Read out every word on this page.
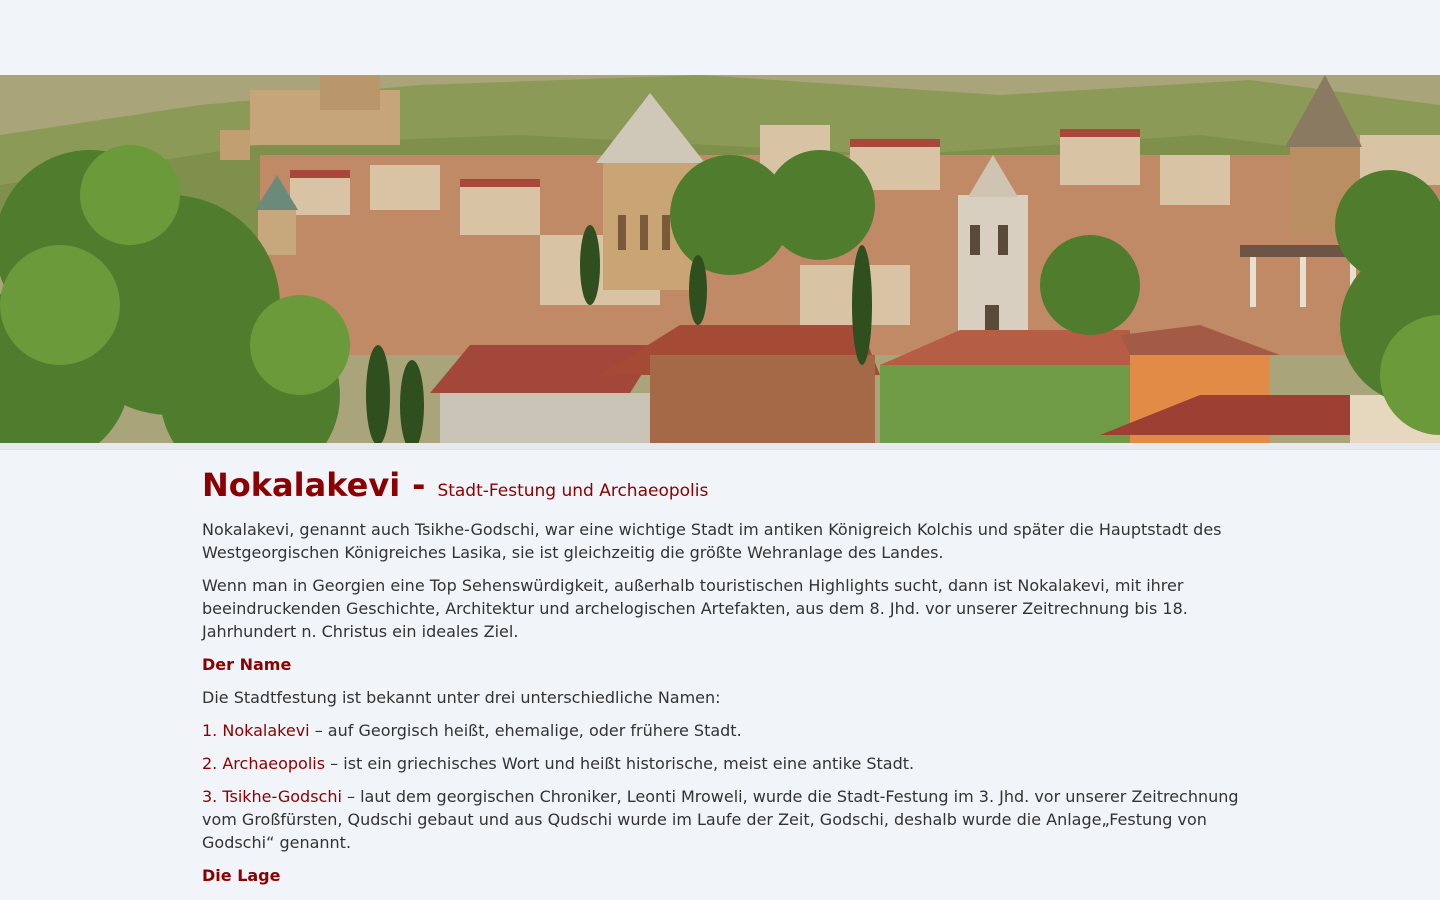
Nokalakevi - Stadt-Festung und Archaeopolis

Nokalakevi, genannt auch Tsikhe-Godschi, war eine wichtige Stadt im antiken Königreich Kolchis und später die Hauptstadt des Westgeorgischen Königreiches Lasika, sie ist gleichzeitig die größte Wehranlage des Landes.

Wenn man in Georgien eine Top Sehenswürdigkeit, außerhalb touristischen Highlights sucht, dann ist Nokalakevi, mit ihrer beeindruckenden Geschichte, Architektur und archelogischen Artefakten, aus dem 8. Jhd. vor unserer Zeitrechnung bis 18. Jahrhundert n. Christus ein ideales Ziel.

Der Name

Die Stadtfestung ist bekannt unter drei unterschiedliche Namen:

1. Nokalakevi – auf Georgisch heißt, ehemalige, oder frühere Stadt.

2. Archaeopolis – ist ein griechisches Wort und heißt historische, meist eine antike Stadt.

3. Tsikhe-Godschi – laut dem georgischen Chroniker, Leonti Mroweli, wurde die Stadt-Festung im 3. Jhd. vor unserer Zeitrechnung vom Großfürsten, Qudschi gebaut und aus Qudschi wurde im Laufe der Zeit, Godschi, deshalb wurde die Anlage„Festung von Godschi“ genannt.

Die Lage
